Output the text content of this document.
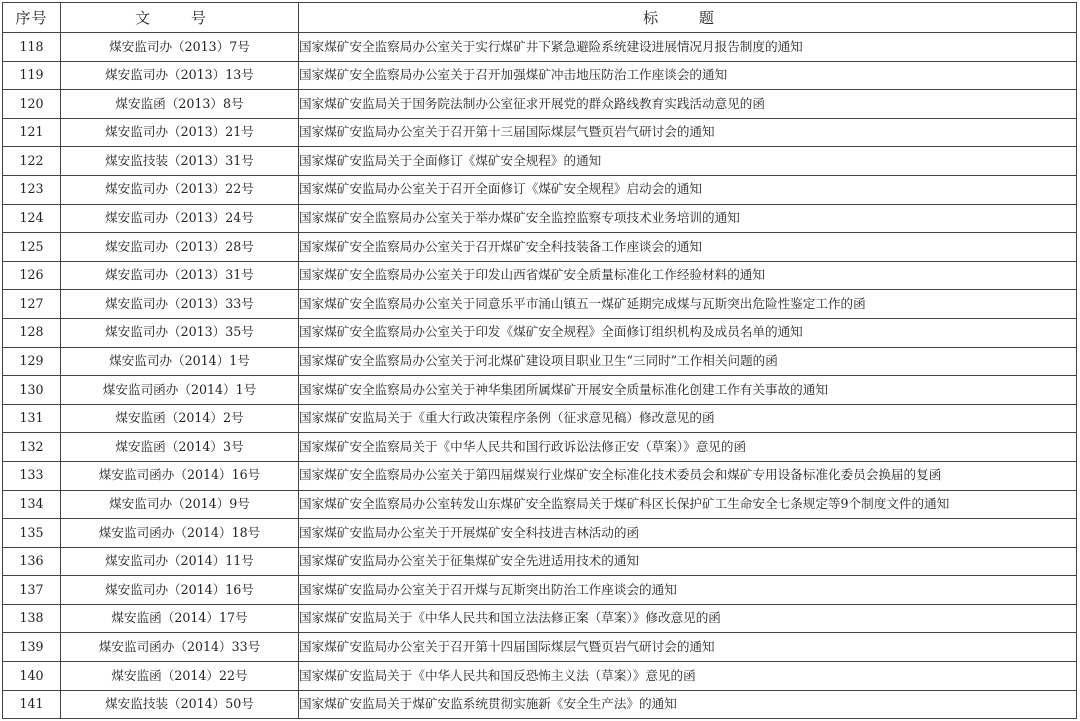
序号	文 号	标 题
118	煤安监司办（2013）7号	国家煤矿安全监察局办公室关于实行煤矿井下紧急避险系统建设进展情况月报告制度的通知
119	煤安监司办（2013）13号	国家煤矿安全监察局办公室关于召开加强煤矿冲击地压防治工作座谈会的通知
120	煤安监函（2013）8号	国家煤矿安监局关于国务院法制办公室征求开展党的群众路线教育实践活动意见的函
121	煤安监司办（2013）21号	国家煤矿安监局办公室关于召开第十三届国际煤层气暨页岩气研讨会的通知
122	煤安监技装（2013）31号	国家煤矿安监局关于全面修订《煤矿安全规程》的通知
123	煤安监司办（2013）22号	国家煤矿安监局办公室关于召开全面修订《煤矿安全规程》启动会的通知
124	煤安监司办（2013）24号	国家煤矿安全监察局办公室关于举办煤矿安全监控监察专项技术业务培训的通知
125	煤安监司办（2013）28号	国家煤矿安全监察局办公室关于召开煤矿安全科技装备工作座谈会的通知
126	煤安监司办（2013）31号	国家煤矿安全监察局办公室关于印发山西省煤矿安全质量标准化工作经验材料的通知
127	煤安监司办（2013）33号	国家煤矿安全监察局办公室关于同意乐平市涌山镇五一煤矿延期完成煤与瓦斯突出危险性鉴定工作的函
128	煤安监司办（2013）35号	国家煤矿安全监察局办公室关于印发《煤矿安全规程》全面修订组织机构及成员名单的通知
129	煤安监司办（2014）1号	国家煤矿安全监察局办公室关于河北煤矿建设项目职业卫生“三同时”工作相关问题的函
130	煤安监司函办（2014）1号	国家煤矿安全监察局办公室关于神华集团所属煤矿开展安全质量标准化创建工作有关事故的通知
131	煤安监函（2014）2号	国家煤矿安监局关于《重大行政决策程序条例（征求意见稿）修改意见的函
132	煤安监函（2014）3号	国家煤矿安全监察局关于《中华人民共和国行政诉讼法修正安（草案）》意见的函
133	煤安监司函办（2014）16号	国家煤矿安全监察局办公室关于第四届煤炭行业煤矿安全标准化技术委员会和煤矿专用设备标准化委员会换届的复函
134	煤安监司办（2014）9号	国家煤矿安全监察局办公室转发山东煤矿安全监察局关于煤矿科区长保护矿工生命安全七条规定等9个制度文件的通知
135	煤安监司函办（2014）18号	国家煤矿安监局办公室关于开展煤矿安全科技进吉林活动的函
136	煤安监司办（2014）11号	国家煤矿安监局办公室关于征集煤矿安全先进适用技术的通知
137	煤安监司办（2014）16号	国家煤矿安监局办公室关于召开煤与瓦斯突出防治工作座谈会的通知
138	煤安监函（2014）17号	国家煤矿安监局关于《中华人民共和国立法法修正案（草案）》修改意见的函
139	煤安监司函办（2014）33号	国家煤矿安监局办公室关于召开第十四届国际煤层气暨页岩气研讨会的通知
140	煤安监函（2014）22号	国家煤矿安监局关于《中华人民共和国反恐怖主义法（草案）》意见的函
141	煤安监技装（2014）50号	国家煤矿安监局关于煤矿安监系统贯彻实施新《安全生产法》的通知
